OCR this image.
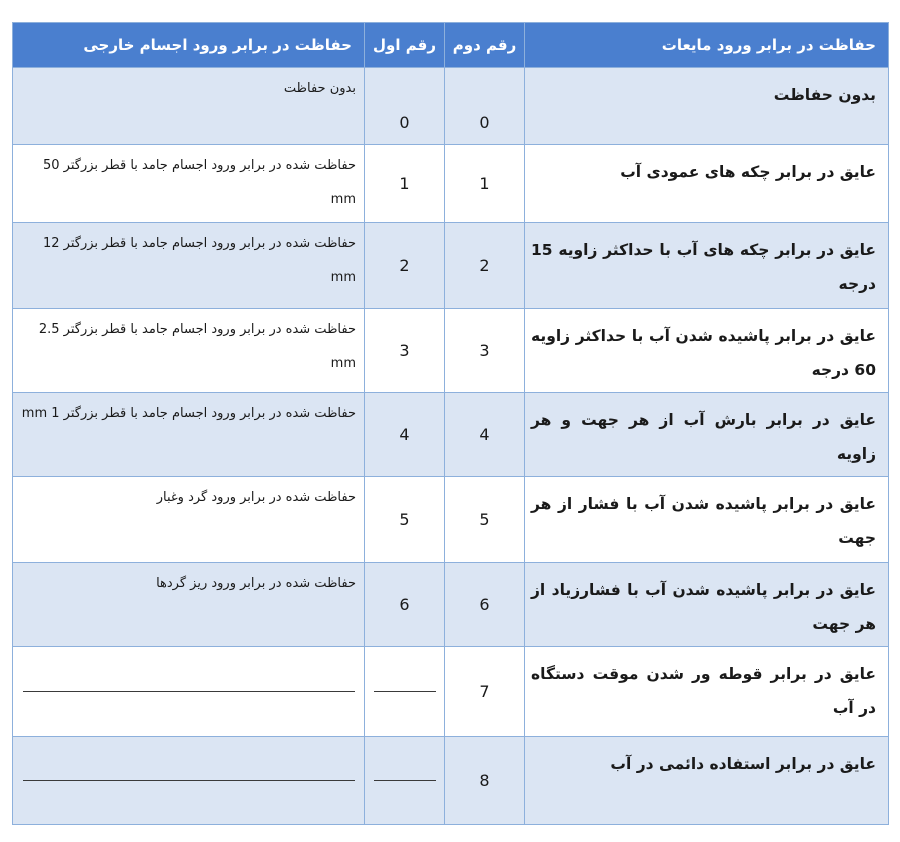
حفاظت در برابر ورود مایعات	رقم دوم	رقم اول	حفاظت در برابر ورود اجسام خارجی

بدون حفاظت	0	0	بدون حفاظت

عایق در برابر چکه های عمودی آب	1	1	حفاظت شده در برابر ورود اجسام جامد با قطر بزرگتر 50 mm

عایق در برابر چکه های آب با حداکثر زاویه 15 درجه	2	2	حفاظت شده در برابر ورود اجسام جامد با قطر بزرگتر 12 mm

عایق در برابر پاشیده شدن آب با حداکثر زاویه 60 درجه	3	3	حفاظت شده در برابر ورود اجسام جامد با قطر بزرگتر 2.5 mm

عایق در برابر بارش آب از هر جهت و هر زاویه	4	4	حفاظت شده در برابر ورود اجسام جامد با قطر بزرگتر 1 mm

عایق در برابر پاشیده شدن آب با فشار از هر جهت	5	5	حفاظت شده در برابر ورود گرد وغبار

عایق در برابر پاشیده شدن آب با فشارزیاد از هر جهت	6	6	حفاظت شده در برابر ورود ریز گردها

عایق در برابر قوطه ور شدن موقت دستگاه در آب	7	

عایق در برابر استفاده دائمی در آب	8	
